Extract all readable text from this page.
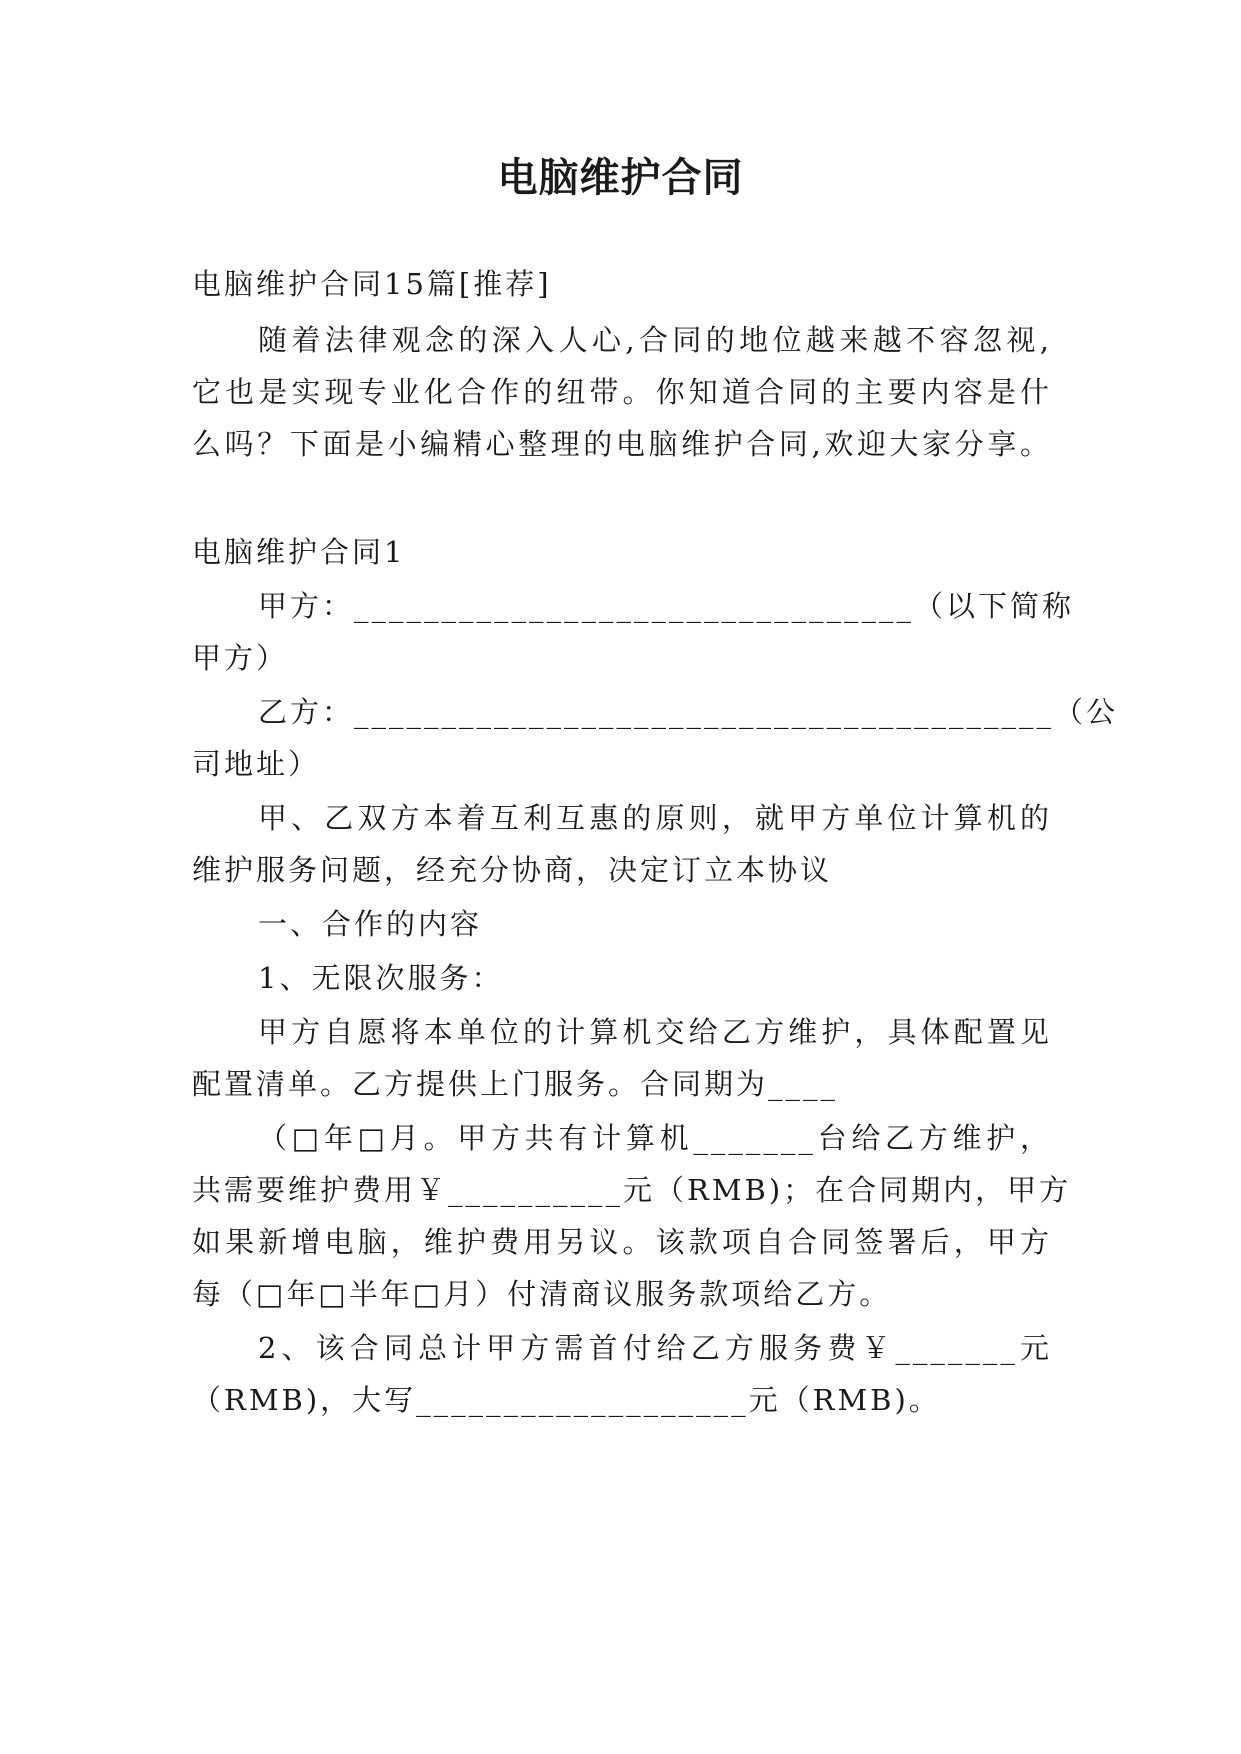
电脑维护合同
电脑维护合同15篇[推荐]
随着法律观念的深入人心,合同的地位越来越不容忽视,
它也是实现专业化合作的纽带。你知道合同的主要内容是什
么吗？下面是小编精心整理的电脑维护合同,欢迎大家分享。
电脑维护合同1
甲方：________________________________（以下简称
甲方）
乙方：________________________________________（公
司地址）
甲、乙双方本着互利互惠的原则，就甲方单位计算机的
维护服务问题，经充分协商，决定订立本协议
一、合作的内容
1、无限次服务：
甲方自愿将本单位的计算机交给乙方维护，具体配置见
配置清单。乙方提供上门服务。合同期为____
（□年□月。甲方共有计算机_______台给乙方维护，
共需要维护费用￥__________元（RMB)；在合同期内，甲方
如果新增电脑，维护费用另议。该款项自合同签署后，甲方
每（□年□半年□月）付清商议服务款项给乙方。
2、该合同总计甲方需首付给乙方服务费￥_______元
（RMB)，大写___________________元（RMB)。
